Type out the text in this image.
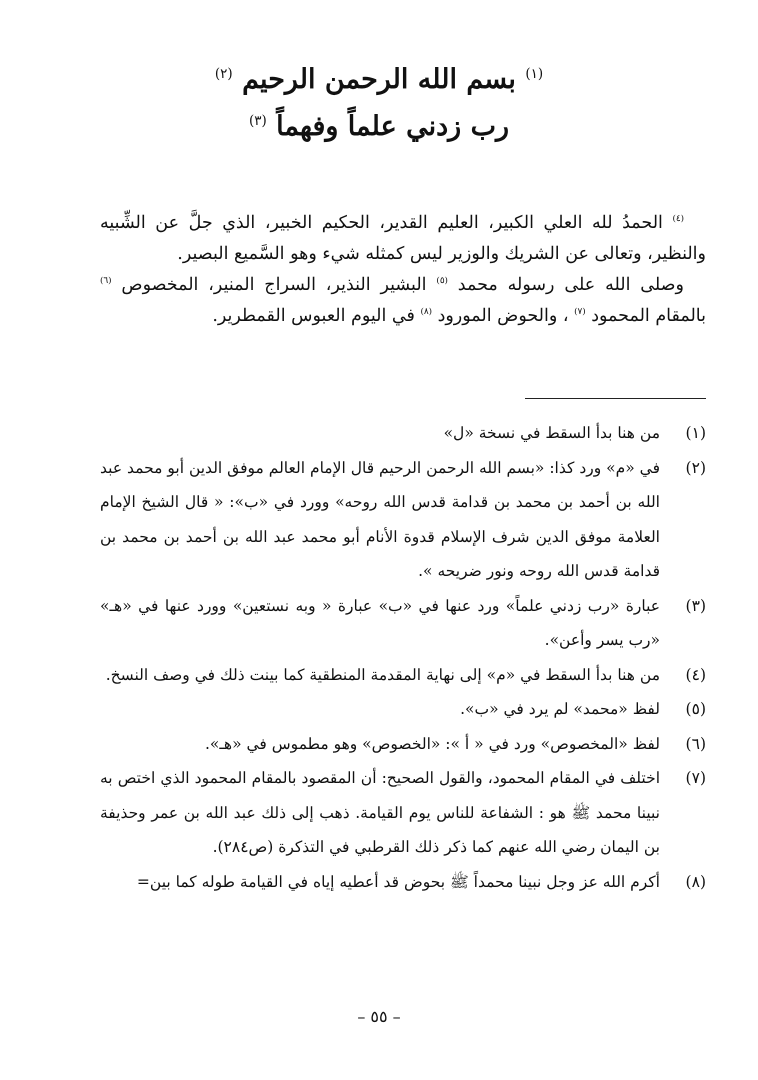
$^{(١)}$ بسم الله الرحمن الرحيم $^{(٢)}$
رب زدني علماً وفهماً $^{(٣)}$

$^{(٤)}$ الحمدُ لله العلي الكبير، العليم القدير، الحكيم الخبير، الذي جلَّ عن الشِّبيه والنظير، وتعالى عن الشريك والوزير ليس كمثله شيء وهو السَّميع البصير.

وصلى الله على رسوله محمد $^{(٥)}$ البشير النذير، السراج المنير، المخصوص $^{(٦)}$ بالمقام المحمود $^{(٧)}$ ، والحوض المورود $^{(٨)}$ في اليوم العبوس القمطرير.

(١)
من هنا بدأ السقط في نسخة «ل»
(٢)
في «م» ورد كذا: «بسم الله الرحمن الرحيم قال الإمام العالم موفق الدين أبو محمد عبد الله بن أحمد بن محمد بن قدامة قدس الله روحه» وورد في «ب»: « قال الشيخ الإمام العلامة موفق الدين شرف الإسلام قدوة الأنام أبو محمد عبد الله بن أحمد بن محمد بن قدامة قدس الله روحه ونور ضريحه ».
(٣)
عبارة «رب زدني علماً» ورد عنها في «ب» عبارة « وبه نستعين» وورد عنها في «هـ» «رب يسر وأعن».
(٤)
من هنا بدأ السقط في «م» إلى نهاية المقدمة المنطقية كما بينت ذلك في وصف النسخ.
(٥)
لفظ «محمد» لم يرد في «ب».
(٦)
لفظ «المخصوص» ورد في « أ »: «الخصوص» وهو مطموس في «هـ».
(٧)
اختلف في المقام المحمود، والقول الصحيح: أن المقصود بالمقام المحمود الذي اختص به نبينا محمد ﷺ هو : الشفاعة للناس يوم القيامة. ذهب إلى ذلك عبد الله بن عمر وحذيفة بن اليمان رضي الله عنهم كما ذكر ذلك القرطبي في التذكرة (ص٢٨٤).
(٨)
أكرم الله عز وجل نبينا محمداً ﷺ بحوض قد أعطيه إياه في القيامة طوله كما بين=
– ٥٥ –
